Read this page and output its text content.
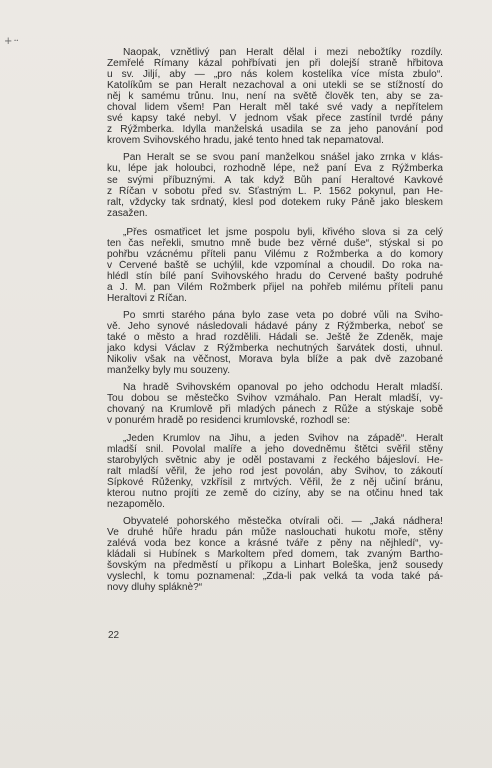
+ ··
Naopak, vznětlivý pan Heralt dělal i mezi nebožtíky rozdíly.
Zemřelé Římany kázal pohřbívati jen při dolejší straně hřbitova
u sv. Jiljí, aby — „pro nás kolem kostelíka více místa zbulo“.
Katolíkům se pan Heralt nezachoval a oni utekli se se stížností do
něj k samému trůnu. Inu, není na světě člověk ten, aby se za-
choval lidem všem! Pan Heralt měl také své vady a nepřítelem
své kapsy také nebyl. V jednom však přece zastínil tvrdé pány
z Rýžmberka. Idylla manželská usadila se za jeho panování pod
krovem Švihovského hradu, jaké tento hned tak nepamatoval.
Pan Heralt se se svou paní manželkou snášel jako zrnka v klás-
ku, lépe jak holoubci, rozhodně lépe, než paní Eva z Rýžmberka
se svými příbuznými. A tak když Bůh paní Heraltové Kavkové
z Říčan v sobotu před sv. Šťastným L. P. 1562 pokynul, pan He-
ralt, vždycky tak srdnatý, klesl pod dotekem ruky Páně jako bleskem
zasažen.
„Přes osmatřicet let jsme pospolu byli, křivého slova si za celý
ten čas neřekli, smutno mně bude bez věrné duše“, stýskal si po
pohřbu vzácnému příteli panu Vilému z Rožmberka a do komory
v Červené baště se uchýlil, kde vzpomínal a choudil. Do roka na-
hlédl stín bílé paní Švihovského hradu do Červené bašty podruhé
a J. M. pan Vilém Rožmberk přijel na pohřeb milému příteli panu
Heraltovi z Říčan.
Po smrti starého pána bylo zase veta po dobré vůli na Šviho-
vě. Jeho synové následovali hádavé pány z Rýžmberka, neboť se
také o město a hrad rozdělili. Hádali se. Ještě že Zdeněk, maje
jako kdysi Václav z Rýžmberka nechutných šarvátek dosti, uhnul.
Nikoliv však na věčnost, Morava byla blíže a pak dvě zazobané
manželky byly mu souzeny.
Na hradě Švihovském opanoval po jeho odchodu Heralt mladší.
Tou dobou se městečko Švihov vzmáhalo. Pan Heralt mladší, vy-
chovaný na Krumlově při mladých pánech z Růže a stýskaje sobě
v ponurém hradě po residenci krumlovské, rozhodl se:
„Jeden Krumlov na Jihu, a jeden Švihov na západě“. Heralt
mladší snil. Povolal malíře a jeho dovedněmu štětci svěřil stěny
starobylých světnic aby je oděl postavami z řeckého bájesloví. He-
ralt mladší věřil, že jeho rod jest povolán, aby Švihov, to zákoutí
Šípkové Růženky, vzkřísil z mrtvých. Věřil, že z něj učiní bránu,
kterou nutno projíti ze země do cizíny, aby se na otčinu hned tak
nezapomělo.
Obyvatelé pohorského městečka otvírali oči. — „Jaká nádhera!
Ve druhé hůře hradu pán může naslouchati hukotu moře, stěny
zalévá voda bez konce a krásné tváře z pěny na nějhledí“, vy-
kládali si Hubínek s Markoltem před domem, tak zvaným Bartho-
šovským na předměstí u příkopu a Linhart Boleška, jenž sousedy
vyslechl, k tomu poznamenal: „Zda-li pak velká ta voda také pá-
novy dluhy spláknè?“
22
